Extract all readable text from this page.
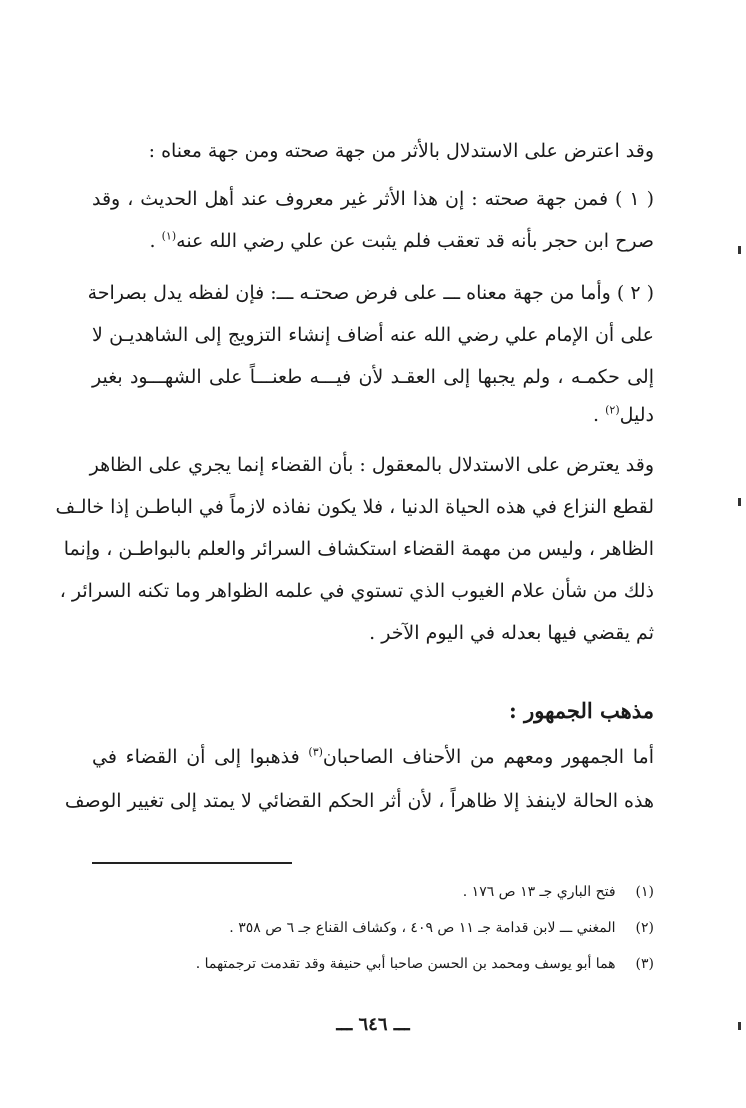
وقد اعترض على الاستدلال بالأثر من جهة صحته ومن جهة معناه :
( ١ ) فمن جهة صحته : إن هذا الأثر غير معروف عند أهل الحديث ، وقد
صرح ابن حجر بأنه قد تعقب فلم يثبت عن علي رضي الله عنه$^{(١)}$ .
( ٢ ) وأما من جهة معناه ـــ على فرض صحتـه ـــ: فإن لفظه يدل بصراحة
على أن الإمام علي رضي الله عنه أضاف إنشاء التزويج إلى الشاهديـن لا
إلى حكمـه ، ولم يجبها إلى العقـد لأن فيـــه طعنـــاً على الشهـــود بغير
دليل$^{(٢)}$ .
وقد يعترض على الاستدلال بالمعقول : بأن القضاء إنما يجري على الظاهر
لقطع النزاع في هذه الحياة الدنيا ، فلا يكون نفاذه لازماً في الباطـن إذا خالـف
الظاهر ، وليس من مهمة القضاء استكشاف السرائر والعلم بالبواطـن ، وإنما
ذلك من شأن علام الغيوب الذي تستوي في علمه الظواهر وما تكنه السرائر ،
ثم يقضي فيها بعدله في اليوم الآخر .
مذهب الجمهور :
أما الجمهور ومعهم من الأحناف الصاحبان$^{(٣)}$ فذهبوا إلى أن القضاء في
هذه الحالة لاينفذ إلا ظاهراً ، لأن أثر الحكم القضائي لا يمتد إلى تغيير الوصف
(١) فتح الباري جـ ١٣ ص ١٧٦ .
(٢) المغني ـــ لابن قدامة جـ ١١ ص ٤٠٩ ، وكشاف القناع جـ ٦ ص ٣٥٨ .
(٣) هما أبو يوسف ومحمد بن الحسن صاحبا أبي حنيفة وقد تقدمت ترجمتهما .
ـــ ٦٤٦ ـــ
